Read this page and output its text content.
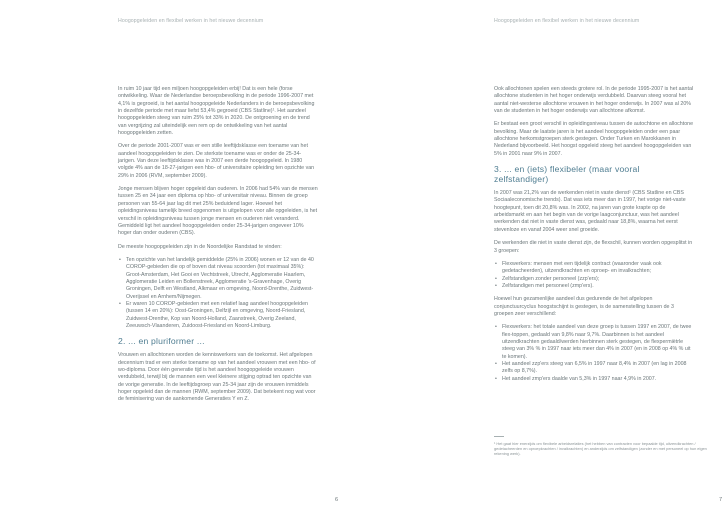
Hoogopgeleiden en flexibel werken in het nieuwe decennium

In ruim 10 jaar tijd een miljoen hoogopgeleiden erbij! Dat is een hele (forse ontwikkeling. Waar de Nederlandse beroepsbevolking in de periode 1996-2007 met 4,1% is gegroeid, is het aantal hoogopgeleide Nederlanders in de beroepsbevolking in dezelfde periode met maar liefst 53,4% gegroeid (CBS Statline)¹. Het aandeel hoogopgeleiden steeg van ruim 25% tot 33% in 2020. De ontgroening en de trend van vergrijzing zal uiteindelijk een rem op de ontwikkeling van het aantal hoogopgeleiden zetten.

Over de periode 2001-2007 was er een stille leeftijdsklasse een toename van het aandeel hoogopgeleiden te zien. De sterkste toename was er onder de 25-34-jarigen. Van deze leeftijdsklasse was in 2007 een derde hoogopgeleid. In 1980 volgde 4% aan de 18-27-jarigen een hbo- of universitaire opleiding ten opzichte van 29% in 2006 (RVM, september 2009).

Jonge mensen blijven hoger opgeleid dan ouderen. In 2006 had 54% van de mensen tussen 25 en 34 jaar een diploma op hbo- of universitair niveau. Binnen de groep personen van 55-64 jaar lag dit met 25% beduidend lager. Hoewel het opleidingsniveau tamelijk breed opgenomen is uitgelopen voor alle opgeleiden, is het verschil in opleidingsniveau tussen jonge mensen en ouderen niet veranderd. Gemiddeld ligt het aandeel hoogopgeleiden onder 25-34-jarigen ongeveer 10% hoger dan onder ouderen (CBS).

De meeste hoogopgeleiden zijn in de Noordelijke Randstad te vinden:

• Ten opzichte van het landelijk gemiddelde (25% in 2006) wonen er 12 van de 40 COROP-gebieden die op of boven dat niveau scoorden (tot maximaal 35%): Groot-Amsterdam, Het Gooi en Vechtstreek, Utrecht, Agglomeratie Haarlem, Agglomeratie Leiden en Bollenstreek, Agglomeratie 's-Gravenhage, Overig Groningen, Delft en Westland, Alkmaar en omgeving, Noord-Drenthe, Zuidwest-Overijssel en Arnhem/Nijmegen.
• Er waren 10 COROP-gebieden met een relatief laag aandeel hoogopgeleiden (tussen 14 en 20%): Oost-Groningen, Delfzijl en omgeving, Noord-Friesland, Zuidwest-Drenthe, Kop van Noord-Holland, Zaanstreek, Overig Zeeland, Zeeuwsch-Vlaanderen, Zuidoost-Friesland en Noord-Limburg.
2. ... en pluriformer ...

Vrouwen en allochtonen worden de kenniswerkers van de toekomst. Het afgelopen decennium trad er een sterke toename op van het aandeel vrouwen met een hbo- of wo-diploma. Door één generatie tijd is het aandeel hoogopgeleide vrouwen verdubbeld, terwijl bij de mannen een veel kleinere stijging optrad ten opzichte van de vorige generatie. In de leeftijdsgroep van 25-34 jaar zijn de vrouwen inmiddels hoger opgeleid dan de mannen (RWM, september 2009). Dat betekent nog wat voor de feminisering van de aankomende Generaties Y en Z.

6
Hoogopgeleiden en flexibel werken in het nieuwe decennium

Ook allochtonen spelen een steeds grotere rol. In de periode 1995-2007 is het aantal allochtone studenten in het hoger onderwijs verdubbeld. Daarvan steeg vooral het aantal niet-westerse allochtone vrouwen in het hoger onderwijs. In 2007 was al 20% van de studenten in het hoger onderwijs van allochtone afkomst.

Er bestaat een groot verschil in opleidingsniveau tussen de autochtone en allochtone bevolking. Maar de laatste jaren is het aandeel hoogopgeleiden onder een paar allochtone herkomstgroepen sterk gestegen. Onder Turken en Marokkanen in Nederland bijvoorbeeld. Het hoogst opgeleid steeg het aandeel hoogopgeleiden van 5% in 2001 naar 9% in 2007.

3. ... en (iets) flexibeler (maar vooral zelfstandiger)

In 2007 was 21,2% van de werkenden niet in vaste dienst¹ (CBS Statline en CBS Sociaaleconomische trends). Dat was iets meer dan in 1997, het vorige niet-vaste hoogtepunt, toen dit 20,8% was. In 2002, na jaren van grote krapte op de arbeidsmarkt en aan het begin van de vorige laagconjunctuur, was het aandeel werkenden dat niet in vaste dienst was, gedaald naar 18,8%, waarna het eerst stevenloze en vanaf 2004 weer snel groeide.

De werkenden die niet in vaste dienst zijn, de flexschil, kunnen worden opgesplitst in 3 groepen:

• Flexwerkers: mensen met een tijdelijk contract (waaronder vaak ook gedetacheerden), uitzendkrachten en oproep- en invalkrachten;
• Zelfstandigen zonder personeel (zzp'ers);
• Zelfstandigen met personeel (zmp'ers).

Hoewel hun gezamenlijke aandeel dus gedurende de het afgelopen conjunctuurcyclus hoogstschijnt is gestegen, is de samenstelling tussen de 3 groepen zeer verschillend:

• Flexwerkers: het totale aandeel van deze groep is tussen 1997 en 2007, de twee flex-toppen, gedaald van 9,8% naar 9,7%. Daarbinnen is het aandeel uitzendkrachten gedaald/werden hierbinnen sterk gestegen, de flexpermiëtrle steeg van 3% % in 1997 naar iets meer dan 4% in 2007 (en in 2008 op 4% % uit te komen).
• Het aandeel zzp'ers steeg van 6,5% in 1997 naar 8,4% in 2007 (en lag in 2008 zelfs op 8,7%).
• Het aandeel zmp'ers daalde van 5,3% in 1997 naar 4,9% in 2007.
¹ Het gaat hier enerzijds om flexibele arbeidsrelaties (het hebben van contracten voor bepaalde tijd, uitzendkrachten / gedetacheerden en oproepkrachten / invalkrachten) en anderzijds om zelfstandigen (zonder en met personeel op hun eigen rekening werk).
7
